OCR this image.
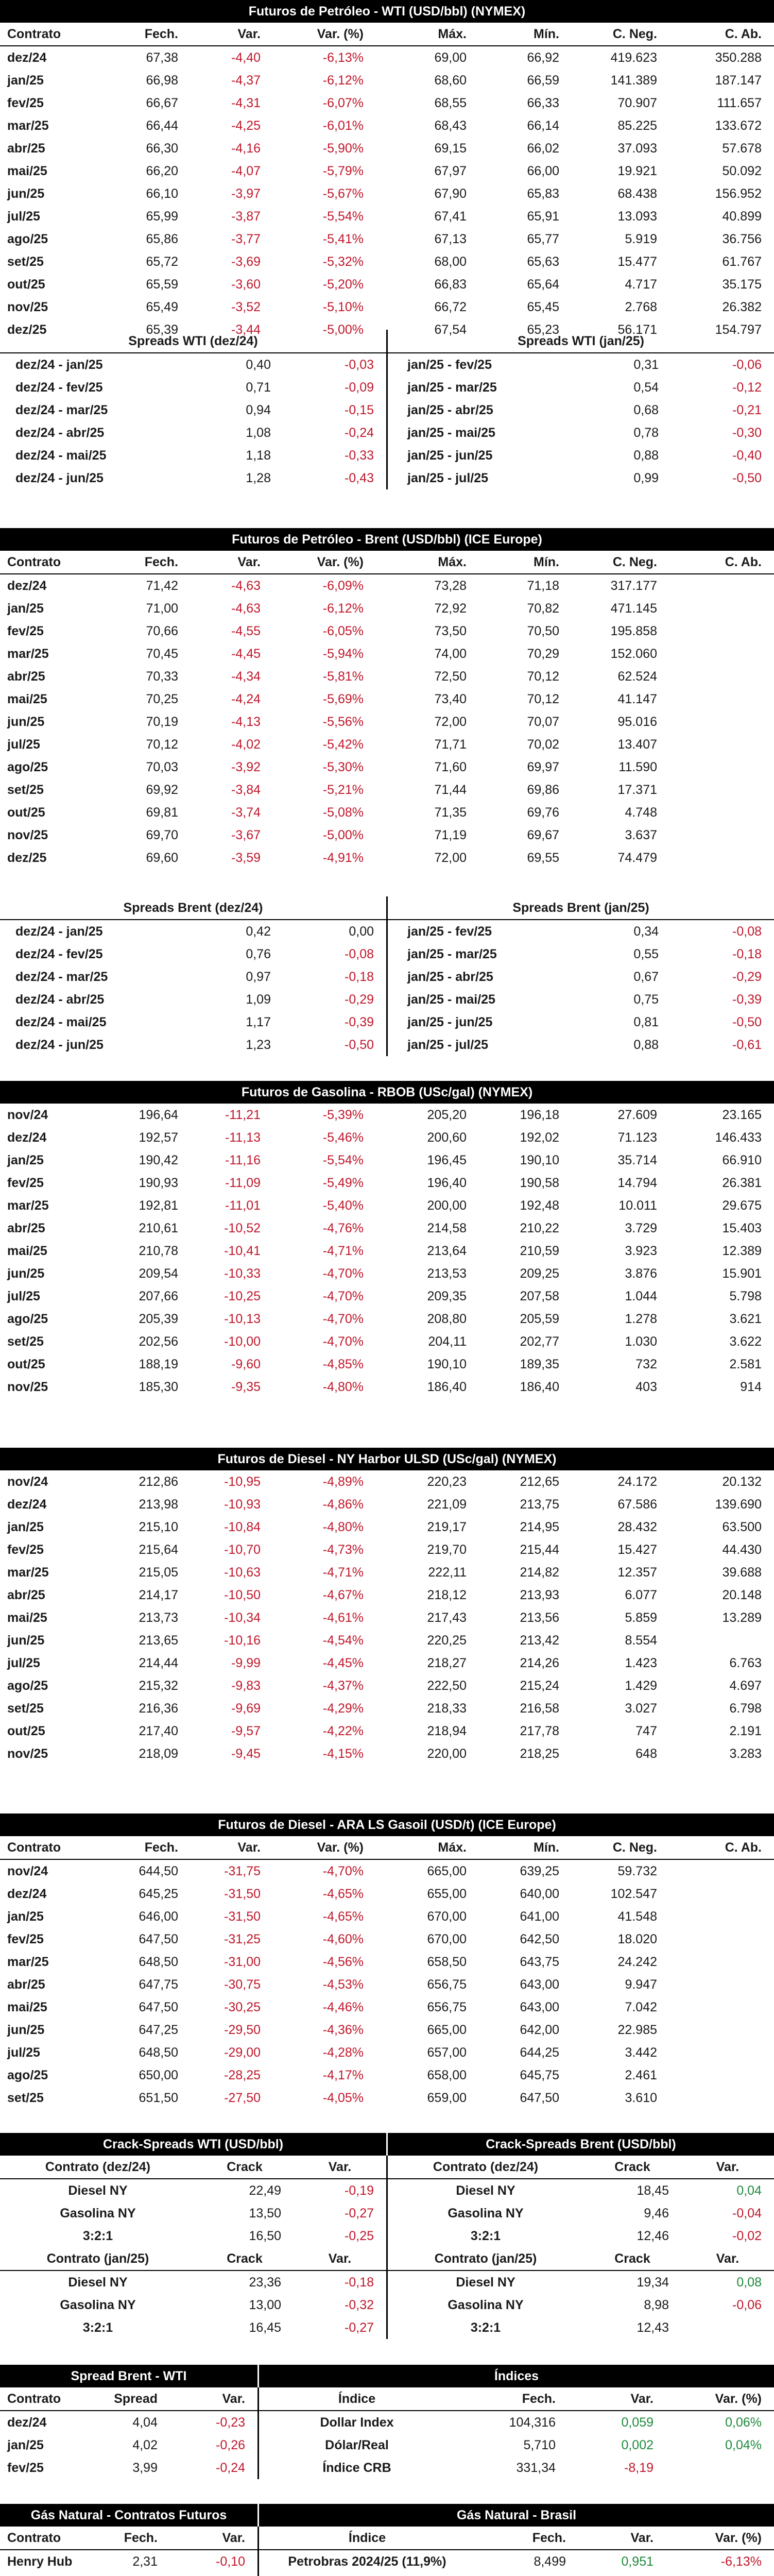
Futuros de Petróleo - WTI (USD/bbl) (NYMEX)
Contrato	Fech.	Var.	Var. (%)	Máx.	Mín.	C. Neg.	C. Ab.
dez/24	67,38	-4,40	-6,13%	69,00	66,92	419.623	350.288
jan/25	66,98	-4,37	-6,12%	68,60	66,59	141.389	187.147
fev/25	66,67	-4,31	-6,07%	68,55	66,33	70.907	111.657
mar/25	66,44	-4,25	-6,01%	68,43	66,14	85.225	133.672
abr/25	66,30	-4,16	-5,90%	69,15	66,02	37.093	57.678
mai/25	66,20	-4,07	-5,79%	67,97	66,00	19.921	50.092
jun/25	66,10	-3,97	-5,67%	67,90	65,83	68.438	156.952
jul/25	65,99	-3,87	-5,54%	67,41	65,91	13.093	40.899
ago/25	65,86	-3,77	-5,41%	67,13	65,77	5.919	36.756
set/25	65,72	-3,69	-5,32%	68,00	65,63	15.477	61.767
out/25	65,59	-3,60	-5,20%	66,83	65,64	4.717	35.175
nov/25	65,49	-3,52	-5,10%	66,72	65,45	2.768	26.382
dez/25	65,39	-3,44	-5,00%	67,54	65,23	56.171	154.797
Spreads WTI (dez/24)		
dez/24 - jan/25	0,40	-0,03
dez/24 - fev/25	0,71	-0,09
dez/24 - mar/25	0,94	-0,15
dez/24 - abr/25	1,08	-0,24
dez/24 - mai/25	1,18	-0,33
dez/24 - jun/25	1,28	-0,43
Spreads WTI (jan/25)		
jan/25 - fev/25	0,31	-0,06
jan/25 - mar/25	0,54	-0,12
jan/25 - abr/25	0,68	-0,21
jan/25 - mai/25	0,78	-0,30
jan/25 - jun/25	0,88	-0,40
jan/25 - jul/25	0,99	-0,50
Futuros de Petróleo - Brent (USD/bbl) (ICE Europe)
Contrato	Fech.	Var.	Var. (%)	Máx.	Mín.	C. Neg.	C. Ab.
dez/24	71,42	-4,63	-6,09%	73,28	71,18	317.177	
jan/25	71,00	-4,63	-6,12%	72,92	70,82	471.145	
fev/25	70,66	-4,55	-6,05%	73,50	70,50	195.858	
mar/25	70,45	-4,45	-5,94%	74,00	70,29	152.060	
abr/25	70,33	-4,34	-5,81%	72,50	70,12	62.524	
mai/25	70,25	-4,24	-5,69%	73,40	70,12	41.147	
jun/25	70,19	-4,13	-5,56%	72,00	70,07	95.016	
jul/25	70,12	-4,02	-5,42%	71,71	70,02	13.407	
ago/25	70,03	-3,92	-5,30%	71,60	69,97	11.590	
set/25	69,92	-3,84	-5,21%	71,44	69,86	17.371	
out/25	69,81	-3,74	-5,08%	71,35	69,76	4.748	
nov/25	69,70	-3,67	-5,00%	71,19	69,67	3.637	
dez/25	69,60	-3,59	-4,91%	72,00	69,55	74.479	
Spreads Brent (dez/24)		
dez/24 - jan/25	0,42	0,00
dez/24 - fev/25	0,76	-0,08
dez/24 - mar/25	0,97	-0,18
dez/24 - abr/25	1,09	-0,29
dez/24 - mai/25	1,17	-0,39
dez/24 - jun/25	1,23	-0,50
Spreads Brent (jan/25)		
jan/25 - fev/25	0,34	-0,08
jan/25 - mar/25	0,55	-0,18
jan/25 - abr/25	0,67	-0,29
jan/25 - mai/25	0,75	-0,39
jan/25 - jun/25	0,81	-0,50
jan/25 - jul/25	0,88	-0,61
Futuros de Gasolina - RBOB (USc/gal) (NYMEX)
nov/24	196,64	-11,21	-5,39%	205,20	196,18	27.609	23.165
dez/24	192,57	-11,13	-5,46%	200,60	192,02	71.123	146.433
jan/25	190,42	-11,16	-5,54%	196,45	190,10	35.714	66.910
fev/25	190,93	-11,09	-5,49%	196,40	190,58	14.794	26.381
mar/25	192,81	-11,01	-5,40%	200,00	192,48	10.011	29.675
abr/25	210,61	-10,52	-4,76%	214,58	210,22	3.729	15.403
mai/25	210,78	-10,41	-4,71%	213,64	210,59	3.923	12.389
jun/25	209,54	-10,33	-4,70%	213,53	209,25	3.876	15.901
jul/25	207,66	-10,25	-4,70%	209,35	207,58	1.044	5.798
ago/25	205,39	-10,13	-4,70%	208,80	205,59	1.278	3.621
set/25	202,56	-10,00	-4,70%	204,11	202,77	1.030	3.622
out/25	188,19	-9,60	-4,85%	190,10	189,35	732	2.581
nov/25	185,30	-9,35	-4,80%	186,40	186,40	403	914
Futuros de Diesel - NY Harbor ULSD (USc/gal) (NYMEX)
nov/24	212,86	-10,95	-4,89%	220,23	212,65	24.172	20.132
dez/24	213,98	-10,93	-4,86%	221,09	213,75	67.586	139.690
jan/25	215,10	-10,84	-4,80%	219,17	214,95	28.432	63.500
fev/25	215,64	-10,70	-4,73%	219,70	215,44	15.427	44.430
mar/25	215,05	-10,63	-4,71%	222,11	214,82	12.357	39.688
abr/25	214,17	-10,50	-4,67%	218,12	213,93	6.077	20.148
mai/25	213,73	-10,34	-4,61%	217,43	213,56	5.859	13.289
jun/25	213,65	-10,16	-4,54%	220,25	213,42	8.554	
jul/25	214,44	-9,99	-4,45%	218,27	214,26	1.423	6.763
ago/25	215,32	-9,83	-4,37%	222,50	215,24	1.429	4.697
set/25	216,36	-9,69	-4,29%	218,33	216,58	3.027	6.798
out/25	217,40	-9,57	-4,22%	218,94	217,78	747	2.191
nov/25	218,09	-9,45	-4,15%	220,00	218,25	648	3.283
Futuros de Diesel - ARA LS Gasoil (USD/t) (ICE Europe)
Contrato	Fech.	Var.	Var. (%)	Máx.	Mín.	C. Neg.	C. Ab.
nov/24	644,50	-31,75	-4,70%	665,00	639,25	59.732	
dez/24	645,25	-31,50	-4,65%	655,00	640,00	102.547	
jan/25	646,00	-31,50	-4,65%	670,00	641,00	41.548	
fev/25	647,50	-31,25	-4,60%	670,00	642,50	18.020	
mar/25	648,50	-31,00	-4,56%	658,50	643,75	24.242	
abr/25	647,75	-30,75	-4,53%	656,75	643,00	9.947	
mai/25	647,50	-30,25	-4,46%	656,75	643,00	7.042	
jun/25	647,25	-29,50	-4,36%	665,00	642,00	22.985	
jul/25	648,50	-29,00	-4,28%	657,00	644,25	3.442	
ago/25	650,00	-28,25	-4,17%	658,00	645,75	2.461	
set/25	651,50	-27,50	-4,05%	659,00	647,50	3.610	
Crack-Spreads WTI (USD/bbl)	Crack-Spreads Brent (USD/bbl)
Contrato (dez/24)	Crack	Var.
Diesel NY	22,49	-0,19
Gasolina NY	13,50	-0,27
3:2:1	16,50	-0,25
Contrato (jan/25)	Crack	Var.
Diesel NY	23,36	-0,18
Gasolina NY	13,00	-0,32
3:2:1	16,45	-0,27
Contrato (dez/24)	Crack	Var.
Diesel NY	18,45	0,04
Gasolina NY	9,46	-0,04
3:2:1	12,46	-0,02
Contrato (jan/25)	Crack	Var.
Diesel NY	19,34	0,08
Gasolina NY	8,98	-0,06
3:2:1	12,43	
Spread Brent - WTI	Índices
Contrato	Spread	Var.
dez/24	4,04	-0,23
jan/25	4,02	-0,26
fev/25	3,99	-0,24
Índice	Fech.	Var.	Var. (%)
Dollar Index	104,316	0,059	0,06%
Dólar/Real	5,710	0,002	0,04%
Índice CRB	331,34	-8,19	
Gás Natural - Contratos Futuros	Gás Natural - Brasil
Contrato	Fech.	Var.
Henry Hub	2,31	-0,10

Índice	Fech.	Var.	Var. (%)
Petrobras 2024/25 (11,9%)	8,499	0,951	-6,13%
